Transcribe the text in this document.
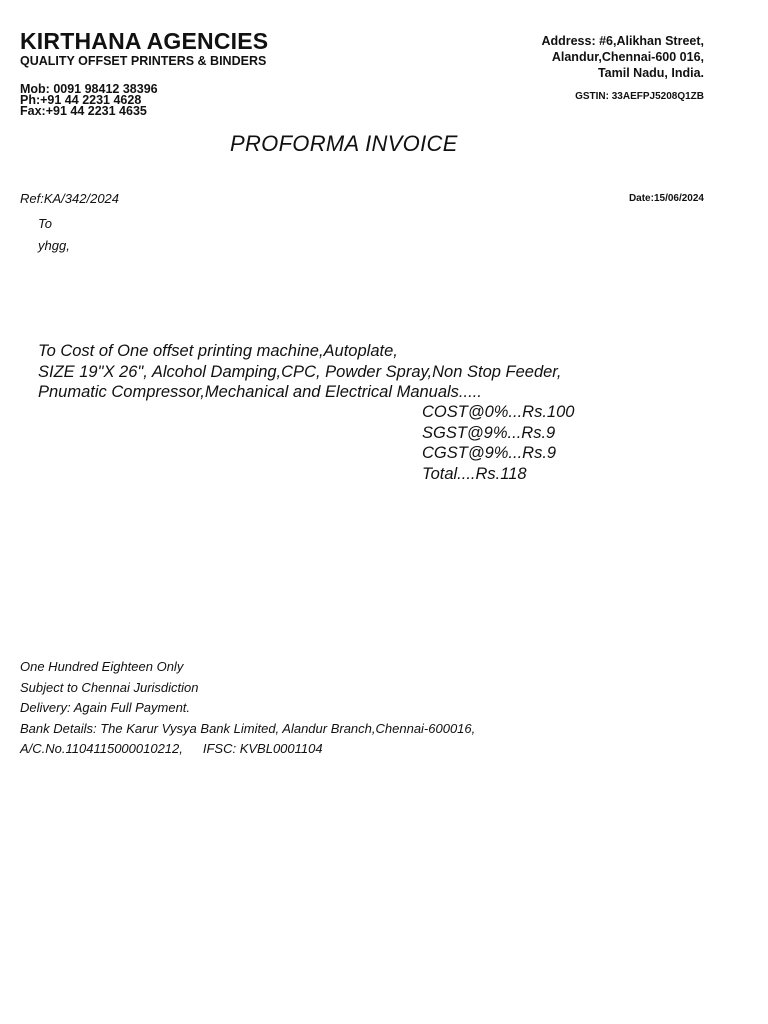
KIRTHANA AGENCIES
QUALITY OFFSET PRINTERS & BINDERS
Mob: 0091 98412 38396
Ph:+91 44 2231 4628
Fax:+91 44 2231 4635
Address: #6,Alikhan Street,
Alandur,Chennai-600 016,
Tamil Nadu, India.
GSTIN: 33AEFPJ5208Q1ZB
PROFORMA INVOICE
Ref:KA/342/2024	Date:15/06/2024
To
yhgg,
To Cost of One offset printing machine,Autoplate,
SIZE 19"X 26", Alcohol Damping,CPC, Powder Spray,Non Stop Feeder,
Pnumatic Compressor,Mechanical and Electrical Manuals.....
COST@0%...Rs.100
SGST@9%...Rs.9
CGST@9%...Rs.9
Total....Rs.118
One Hundred Eighteen Only
Subject to Chennai Jurisdiction
Delivery: Again Full Payment.
Bank Details: The Karur Vysya Bank Limited, Alandur Branch,Chennai-600016,
A/C.No.1104115000010212, IFSC: KVBL0001104
